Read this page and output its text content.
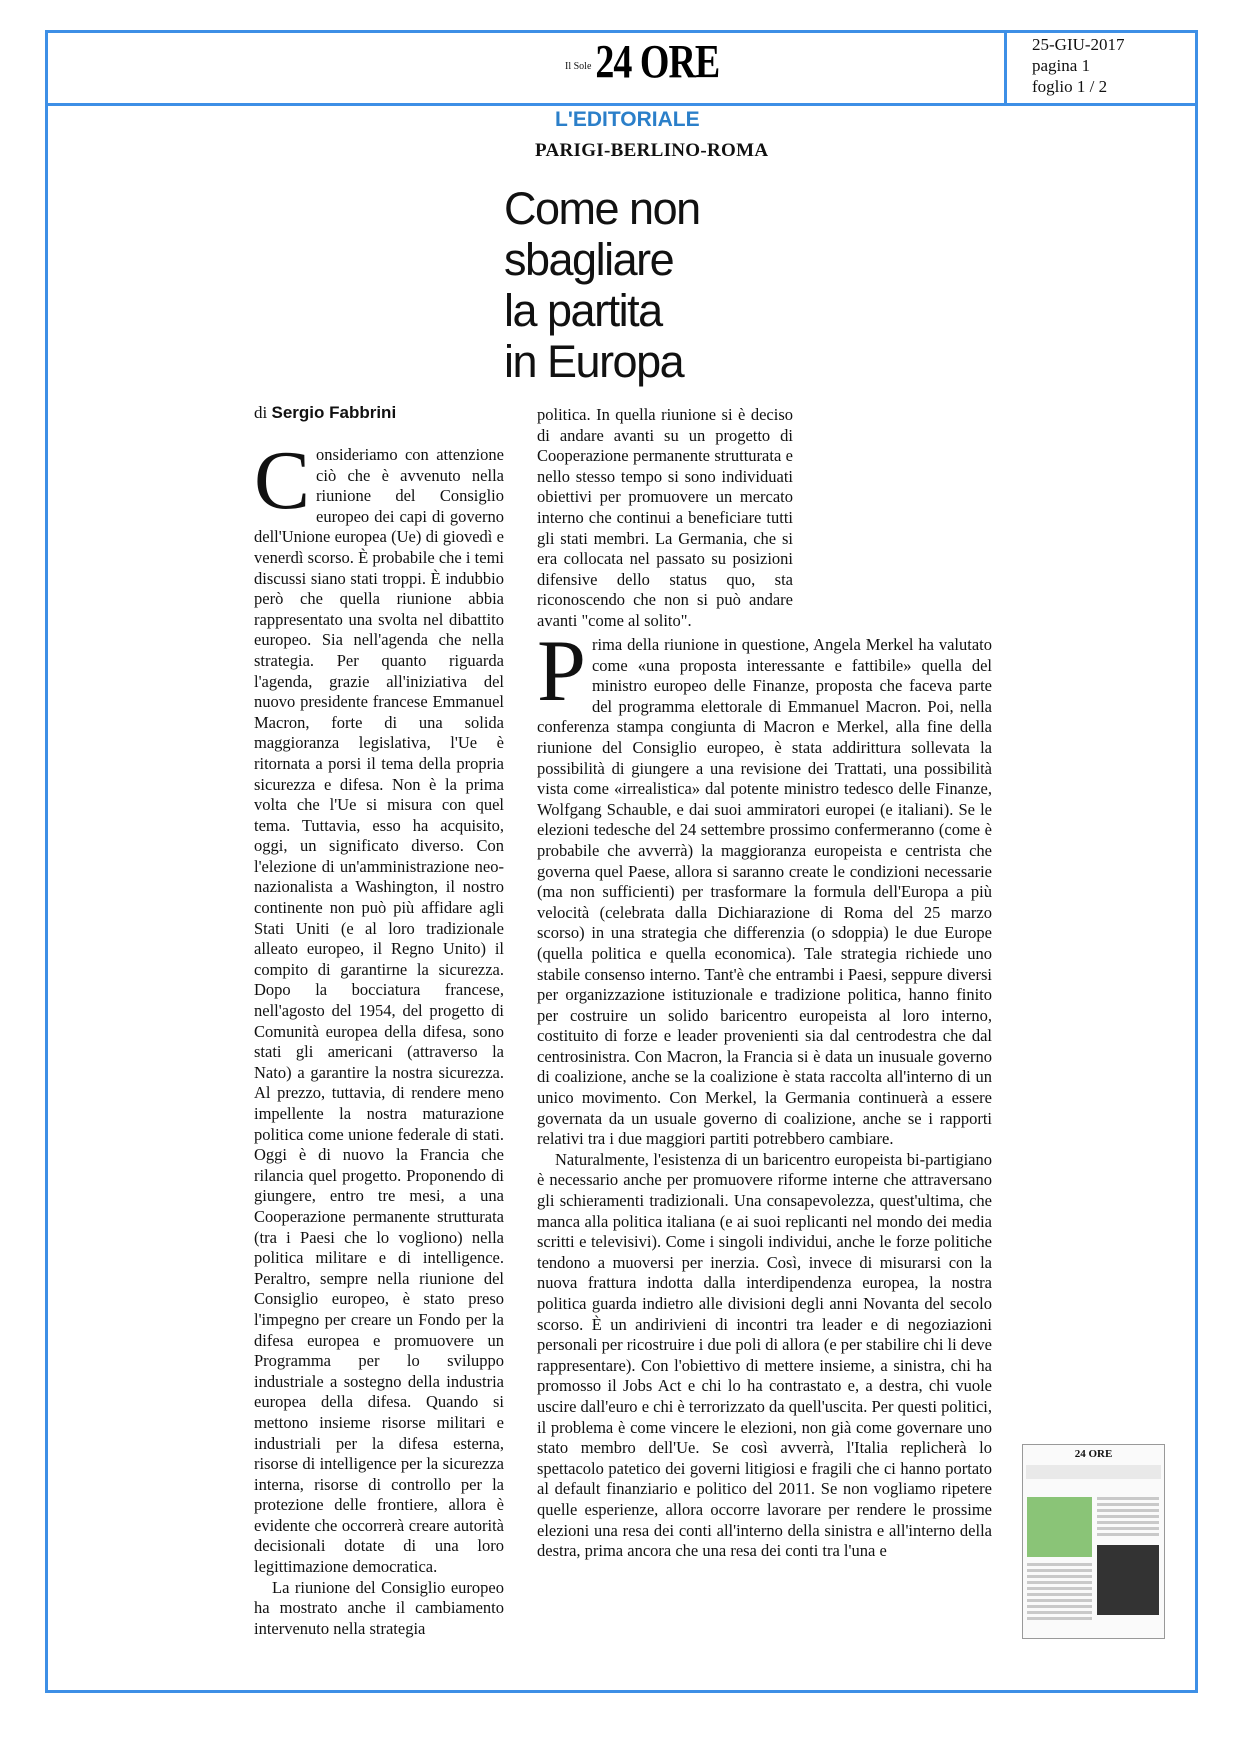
Il Sole 24 ORE	25-GIU-2017
pagina 1
foglio 1 / 2
L'EDITORIALE
PARIGI-BERLINO-ROMA
Come non
sbagliare
la partita
in Europa
di Sergio Fabbrini

Consideriamo con attenzione ciò che è avvenuto nella riunione del Consiglio europeo dei capi di governo dell'Unione europea (Ue) di giovedì e venerdì scorso. È probabile che i temi discussi siano stati troppi. È indubbio però che quella riunione abbia rappresentato una svolta nel dibattito europeo. Sia nell'agenda che nella strategia. Per quanto riguarda l'agenda, grazie all'iniziativa del nuovo presidente francese Emmanuel Macron, forte di una solida maggioranza legislativa, l'Ue è ritornata a porsi il tema della propria sicurezza e difesa. Non è la prima volta che l'Ue si misura con quel tema. Tuttavia, esso ha acquisito, oggi, un significato diverso. Con l'elezione di un'amministrazione neo-nazionalista a Washington, il nostro continente non può più affidare agli Stati Uniti (e al loro tradizionale alleato europeo, il Regno Unito) il compito di garantirne la sicurezza. Dopo la bocciatura francese, nell'agosto del 1954, del progetto di Comunità europea della difesa, sono stati gli americani (attraverso la Nato) a garantire la nostra sicurezza. Al prezzo, tuttavia, di rendere meno impellente la nostra maturazione politica come unione federale di stati. Oggi è di nuovo la Francia che rilancia quel progetto. Proponendo di giungere, entro tre mesi, a una Cooperazione permanente strutturata (tra i Paesi che lo vogliono) nella politica militare e di intelligence. Peraltro, sempre nella riunione del Consiglio europeo, è stato preso l'impegno per creare un Fondo per la difesa europea e promuovere un Programma per lo sviluppo industriale a sostegno della industria europea della difesa. Quando si mettono insieme risorse militari e industriali per la difesa esterna, risorse di intelligence per la sicurezza interna, risorse di controllo per la protezione delle frontiere, allora è evidente che occorrerà creare autorità decisionali dotate di una loro legittimazione democratica.

La riunione del Consiglio europeo ha mostrato anche il cambiamento intervenuto nella strategia

politica. In quella riunione si è deciso di andare avanti su un progetto di Cooperazione permanente strutturata e nello stesso tempo si sono individuati obiettivi per promuovere un mercato interno che continui a beneficiare tutti gli stati membri. La Germania, che si era collocata nel passato su posizioni difensive dello status quo, sta riconoscendo che non si può andare avanti "come al solito".

Prima della riunione in questione, Angela Merkel ha valutato come «una proposta interessante e fattibile» quella del ministro europeo delle Finanze, proposta che faceva parte del programma elettorale di Emmanuel Macron. Poi, nella conferenza stampa congiunta di Macron e Merkel, alla fine della riunione del Consiglio europeo, è stata addirittura sollevata la possibilità di giungere a una revisione dei Trattati, una possibilità vista come «irrealistica» dal potente ministro tedesco delle Finanze, Wolfgang Schauble, e dai suoi ammiratori europei (e italiani). Se le elezioni tedesche del 24 settembre prossimo confermeranno (come è probabile che avverrà) la maggioranza europeista e centrista che governa quel Paese, allora si saranno create le condizioni necessarie (ma non sufficienti) per trasformare la formula dell'Europa a più velocità (celebrata dalla Dichiarazione di Roma del 25 marzo scorso) in una strategia che differenzia (o sdoppia) le due Europe (quella politica e quella economica). Tale strategia richiede uno stabile consenso interno. Tant'è che entrambi i Paesi, seppure diversi per organizzazione istituzionale e tradizione politica, hanno finito per costruire un solido baricentro europeista al loro interno, costituito di forze e leader provenienti sia dal centrodestra che dal centrosinistra. Con Macron, la Francia si è data un inusuale governo di coalizione, anche se la coalizione è stata raccolta all'interno di un unico movimento. Con Merkel, la Germania continuerà a essere governata da un usuale governo di coalizione, anche se i rapporti relativi tra i due maggiori partiti potrebbero cambiare.

Naturalmente, l'esistenza di un baricentro europeista bi-partigiano è necessario anche per promuovere riforme interne che attraversano gli schieramenti tradizionali. Una consapevolezza, quest'ultima, che manca alla politica italiana (e ai suoi replicanti nel mondo dei media scritti e televisivi). Come i singoli individui, anche le forze politiche tendono a muoversi per inerzia. Così, invece di misurarsi con la nuova frattura indotta dalla interdipendenza europea, la nostra politica guarda indietro alle divisioni degli anni Novanta del secolo scorso. È un andirivieni di incontri tra leader e di negoziazioni personali per ricostruire i due poli di allora (e per stabilire chi li deve rappresentare). Con l'obiettivo di mettere insieme, a sinistra, chi ha promosso il Jobs Act e chi lo ha contrastato e, a destra, chi vuole uscire dall'euro e chi è terrorizzato da quell'uscita. Per questi politici, il problema è come vincere le elezioni, non già come governare uno stato membro dell'Ue. Se così avverrà, l'Italia replicherà lo spettacolo patetico dei governi litigiosi e fragili che ci hanno portato al default finanziario e politico del 2011. Se non vogliamo ripetere quelle esperienze, allora occorre lavorare per rendere le prossime elezioni una resa dei conti all'interno della sinistra e all'interno della destra, prima ancora che una resa dei conti tra l'una e

24 ORE
